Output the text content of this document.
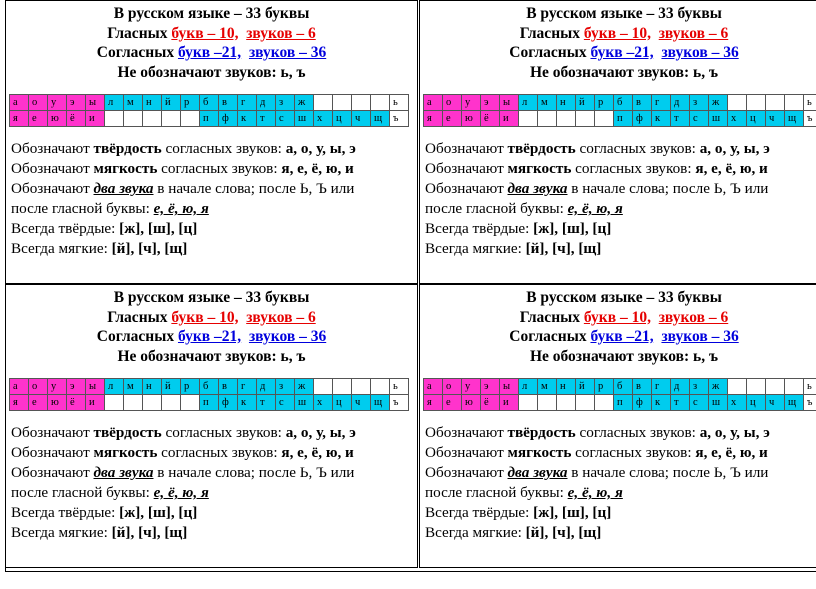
В русском языке – 33 буквы
Гласных букв – 10, звуков – 6
Согласных букв –21, звуков – 36
Не обозначают звуков: ь, ъ
а	о	у	э	ы	л	м	н	й	р	б	в	г	д	з	ж					ь
я	е	ю	ё	и						п	ф	к	т	с	ш	х	ц	ч	щ	ъ
Обозначают твёрдость согласных звуков: а, о, у, ы, э
Обозначают мягкость согласных звуков: я, е, ё, ю, и
Обозначают два звука в начале слова; после Ь, Ъ или
после гласной буквы: е, ё, ю, я
Всегда твёрдые: [ж], [ш], [ц]
Всегда мягкие: [й], [ч], [щ]
В русском языке – 33 буквы
Гласных букв – 10, звуков – 6
Согласных букв –21, звуков – 36
Не обозначают звуков: ь, ъ
а	о	у	э	ы	л	м	н	й	р	б	в	г	д	з	ж					ь
я	е	ю	ё	и						п	ф	к	т	с	ш	х	ц	ч	щ	ъ
Обозначают твёрдость согласных звуков: а, о, у, ы, э
Обозначают мягкость согласных звуков: я, е, ё, ю, и
Обозначают два звука в начале слова; после Ь, Ъ или
после гласной буквы: е, ё, ю, я
Всегда твёрдые: [ж], [ш], [ц]
Всегда мягкие: [й], [ч], [щ]
В русском языке – 33 буквы
Гласных букв – 10, звуков – 6
Согласных букв –21, звуков – 36
Не обозначают звуков: ь, ъ
а	о	у	э	ы	л	м	н	й	р	б	в	г	д	з	ж					ь
я	е	ю	ё	и						п	ф	к	т	с	ш	х	ц	ч	щ	ъ
Обозначают твёрдость согласных звуков: а, о, у, ы, э
Обозначают мягкость согласных звуков: я, е, ё, ю, и
Обозначают два звука в начале слова; после Ь, Ъ или
после гласной буквы: е, ё, ю, я
Всегда твёрдые: [ж], [ш], [ц]
Всегда мягкие: [й], [ч], [щ]
В русском языке – 33 буквы
Гласных букв – 10, звуков – 6
Согласных букв –21, звуков – 36
Не обозначают звуков: ь, ъ
а	о	у	э	ы	л	м	н	й	р	б	в	г	д	з	ж					ь
я	е	ю	ё	и						п	ф	к	т	с	ш	х	ц	ч	щ	ъ
Обозначают твёрдость согласных звуков: а, о, у, ы, э
Обозначают мягкость согласных звуков: я, е, ё, ю, и
Обозначают два звука в начале слова; после Ь, Ъ или
после гласной буквы: е, ё, ю, я
Всегда твёрдые: [ж], [ш], [ц]
Всегда мягкие: [й], [ч], [щ]
